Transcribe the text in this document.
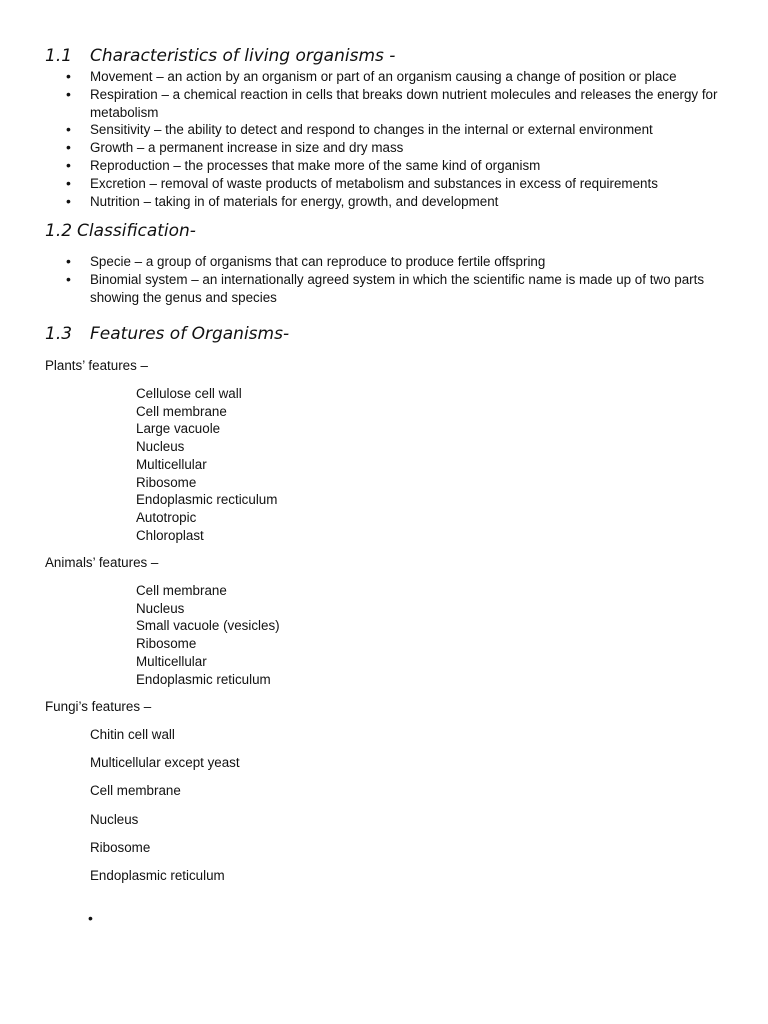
1.1 Characteristics of living organisms -
• Movement – an action by an organism or part of an organism causing a change of position or place
• Respiration – a chemical reaction in cells that breaks down nutrient molecules and releases the energy for metabolism
• Sensitivity – the ability to detect and respond to changes in the internal or external environment
• Growth – a permanent increase in size and dry mass
• Reproduction – the processes that make more of the same kind of organism
• Excretion – removal of waste products of metabolism and substances in excess of requirements
• Nutrition – taking in of materials for energy, growth, and development
1.2 Classification-
• Specie – a group of organisms that can reproduce to produce fertile offspring
• Binomial system – an internationally agreed system in which the scientific name is made up of two parts showing the genus and species
1.3 Features of Organisms-
Plants’ features –
Cellulose cell wall
Cell membrane
Large vacuole
Nucleus
Multicellular
Ribosome
Endoplasmic recticulum
Autotropic
Chloroplast
Animals’ features –
Cell membrane
Nucleus
Small vacuole (vesicles)
Ribosome
Multicellular
Endoplasmic reticulum
Fungi’s features –
Chitin cell wall
Multicellular except yeast
Cell membrane
Nucleus
Ribosome
Endoplasmic reticulum
•
